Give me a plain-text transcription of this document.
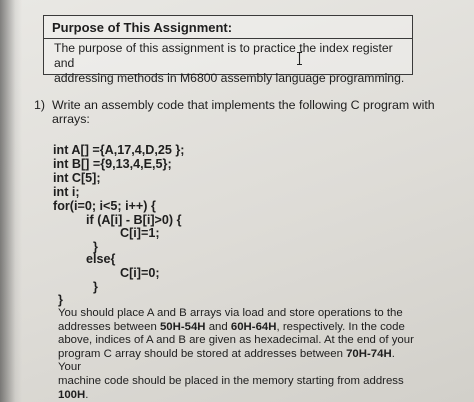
Purpose of This Assignment:
The purpose of this assignment is to practice the index register and
addressing methods in M6800 assembly language programming.
1) Write an assembly code that implements the following C program with
arrays:
int A[] ={A,17,4,D,25 };
int B[] ={9,13,4,E,5};
int C[5];
int i;
for(i=0; i<5; i++) {
if (A[i] - B[i]>0) {
C[i]=1;
}
else{
C[i]=0;
}
}
You should place A and B arrays via load and store operations to the
addresses between 50H-54H and 60H-64H, respectively. In the code
above, indices of A and B are given as hexadecimal. At the end of your
program C array should be stored at addresses between 70H-74H. Your
machine code should be placed in the memory starting from address
100H.
